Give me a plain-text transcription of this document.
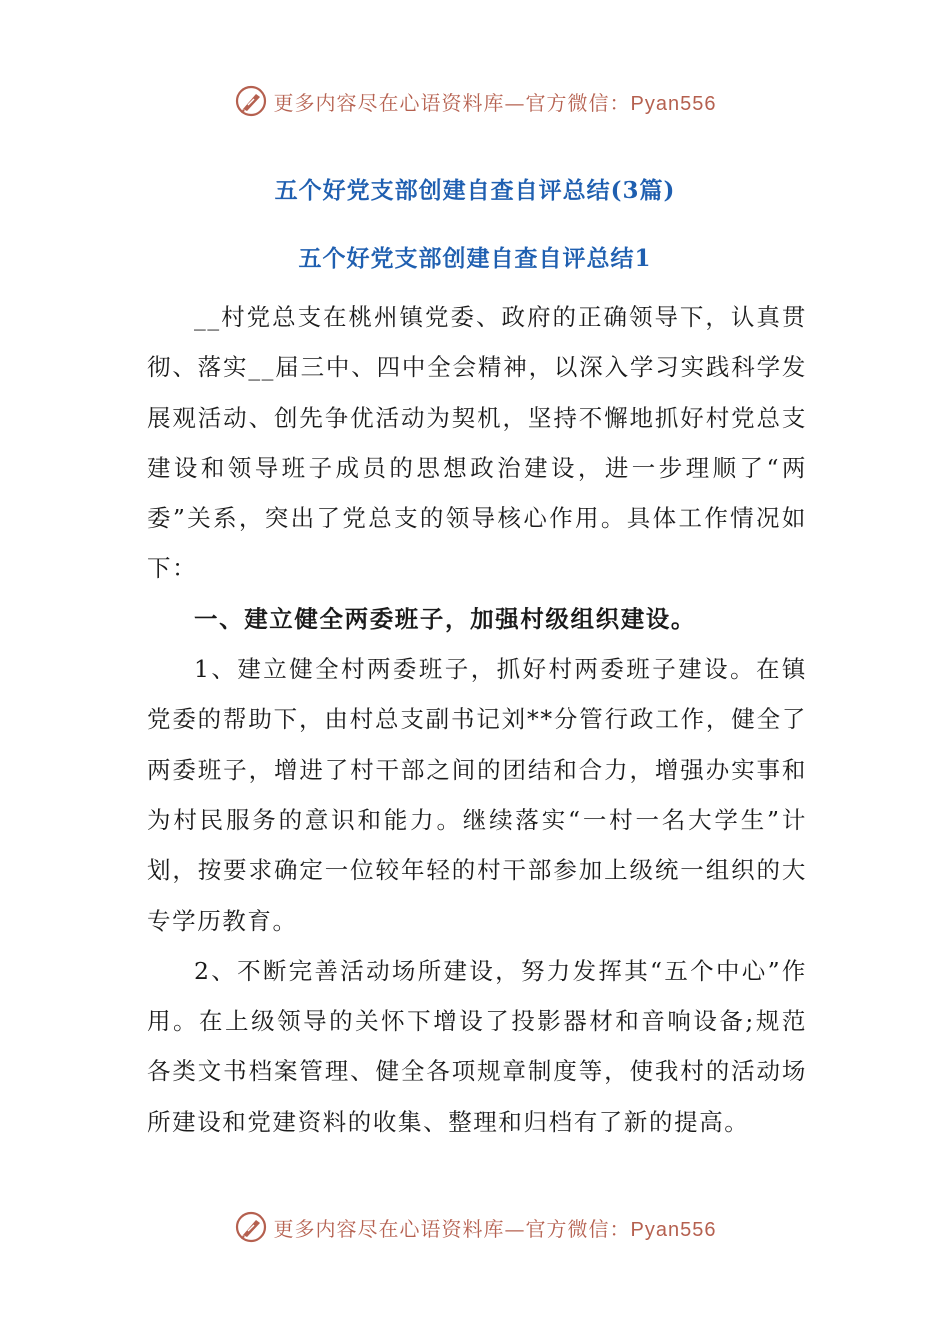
更多内容尽在心语资料库—官方微信：Pyan556
五个好党支部创建自查自评总结(3篇)
五个好党支部创建自查自评总结1

__村党总支在桃州镇党委、政府的正确领导下，认真贯彻、落实__届三中、四中全会精神，以深入学习实践科学发展观活动、创先争优活动为契机，坚持不懈地抓好村党总支建设和领导班子成员的思想政治建设，进一步理顺了“两委”关系，突出了党总支的领导核心作用。具体工作情况如下：

一、建立健全两委班子，加强村级组织建设。

1、建立健全村两委班子，抓好村两委班子建设。在镇党委的帮助下，由村总支副书记刘**分管行政工作，健全了两委班子，增进了村干部之间的团结和合力，增强办实事和为村民服务的意识和能力。继续落实“一村一名大学生”计划，按要求确定一位较年轻的村干部参加上级统一组织的大专学历教育。

2、不断完善活动场所建设，努力发挥其“五个中心”作用。在上级领导的关怀下增设了投影器材和音响设备;规范各类文书档案管理、健全各项规章制度等，使我村的活动场所建设和党建资料的收集、整理和归档有了新的提高。

更多内容尽在心语资料库—官方微信：Pyan556
